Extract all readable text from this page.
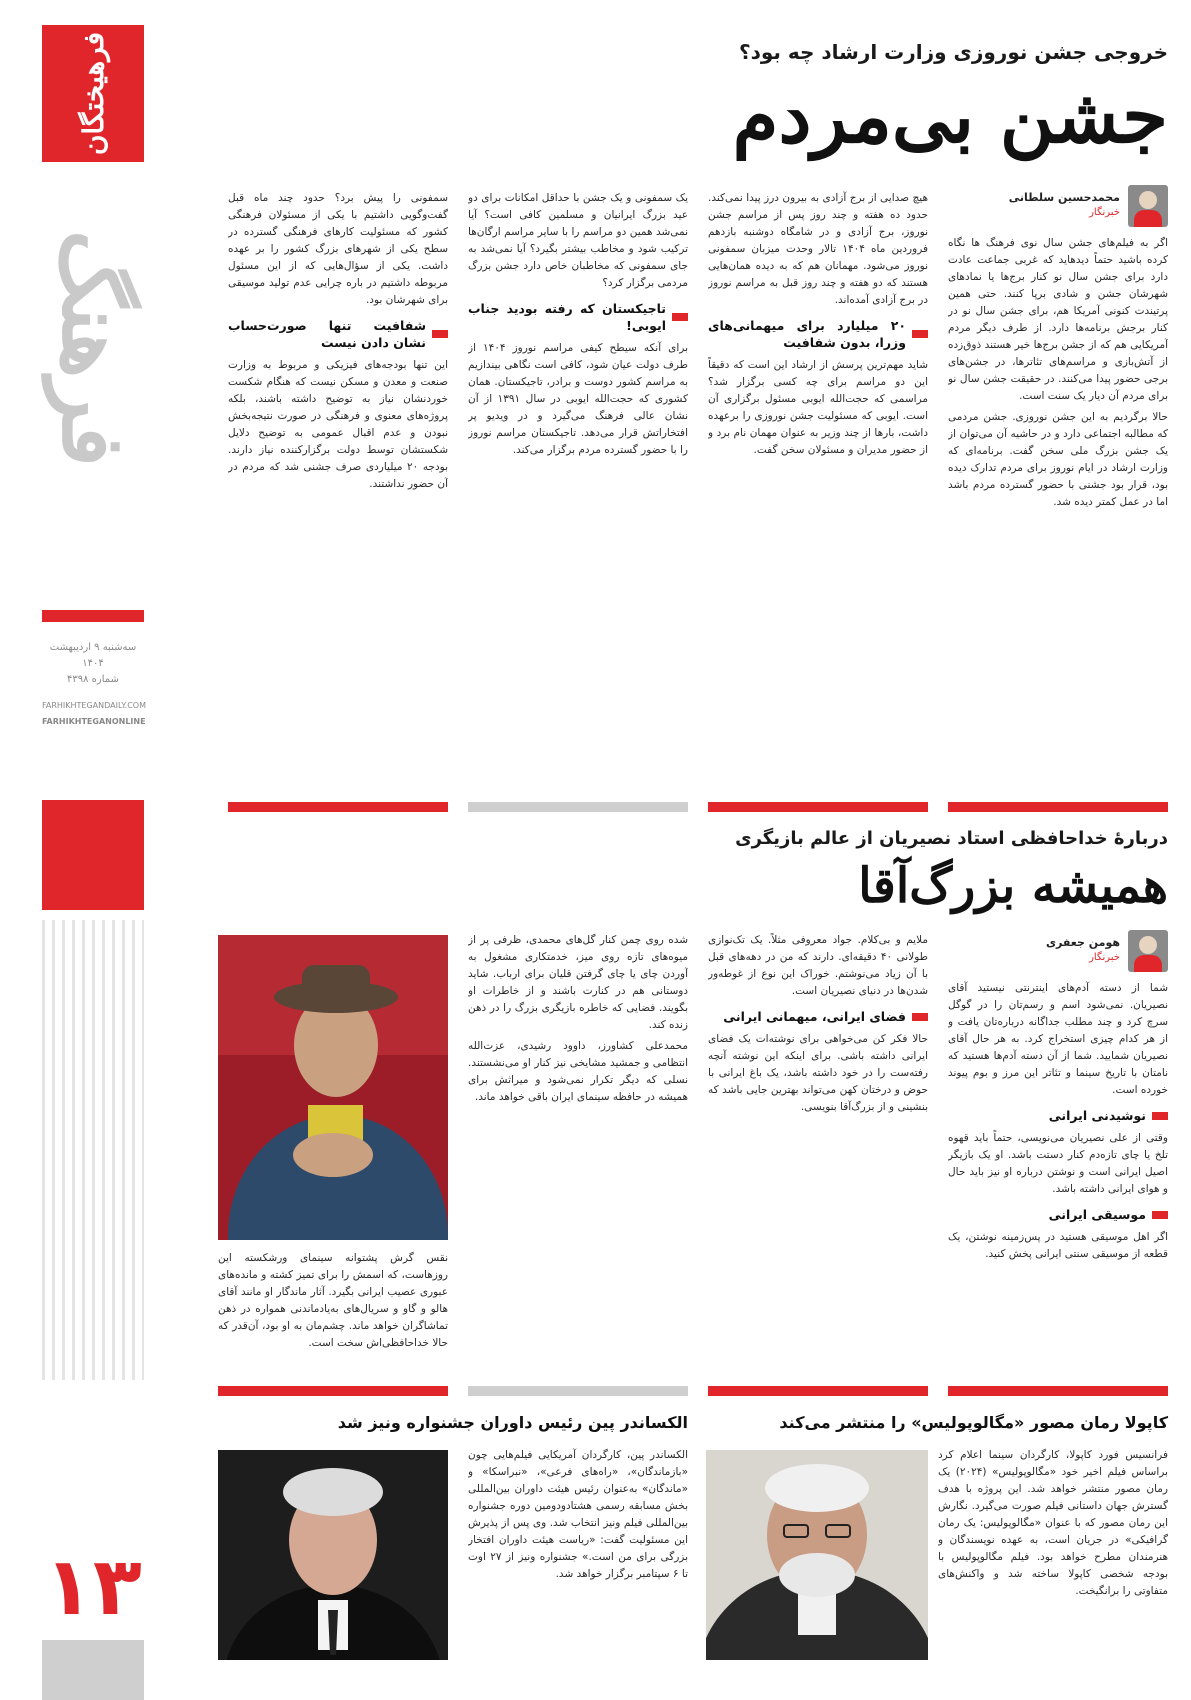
فرهیختگان
فرهنگ
سه‌شنبه ۹ اردیبهشت ۱۴۰۴
شماره ۴۳۹۸
FARHIKHTEGANDAILY.COM
FARHIKHTEGANONLINE
۱۳
خروجی جشن نوروزی وزارت ارشاد چه بود؟
جشن بی‌مردم
محمدحسین سلطانی
خبرنگار

اگر به فیلم‌های جشن سال نوی فرهنگ ها نگاه کرده باشید حتماً دیدهاید که غربی جماعت عادت دارد برای جشن سال نو کنار برج‌ها یا نمادهای شهرشان جشن و شادی برپا کنند. حتی همین پرتیندت کنونی آمریکا هم، برای جشن سال نو در کنار برجش برنامه‌ها دارد. از طرف دیگر مردم آمریکایی هم که از جشن برج‌ها خیر هستند ذوق‌زده از آتش‌بازی و مراسم‌های تئاترها، در جشن‌های برجی حضور پیدا می‌کنند. در حقیقت جشن سال نو برای مردم آن دیار یک سنت است.

حالا برگردیم به این جشن نوروزی. جشن مردمی که مطالبه اجتماعی دارد و در حاشیه آن می‌توان از یک جشن بزرگ ملی سخن گفت. برنامه‌ای که وزارت ارشاد در ایام نوروز برای مردم تدارک دیده بود، قرار بود جشنی با حضور گسترده مردم باشد اما در عمل کمتر دیده شد.

هیچ صدایی از برج آزادی به بیرون درز پیدا نمی‌کند. حدود ده هفته و چند روز پس از مراسم جشن نوروز، برج آزادی و در شامگاه دوشنبه بازدهم فروردین ماه ۱۴۰۴ تالار وحدت میزبان سمفونی نوروز می‌شود. مهمانان هم که به دیده همان‌هایی هستند که دو هفته و چند روز قبل به مراسم نوروز در برج آزادی آمده‌اند.

۲۰ میلیارد برای میهمانی‌های وزرا، بدون شفافیت

شاید مهم‌ترین پرسش از ارشاد این است که دقیقاً این دو مراسم برای چه کسی برگزار شد؟ مراسمی که حجت‌الله ایوبی مسئول برگزاری آن است. ایوبی که مسئولیت جشن نوروزی را برعهده داشت، بارها از چند وزیر به عنوان مهمان نام برد و از حضور مدیران و مسئولان سخن گفت.

یک سمفونی و یک جشن با حداقل امکانات برای دو عید بزرگ ایرانیان و مسلمین کافی است؟ آیا نمی‌شد همین دو مراسم را با سایر مراسم ارگان‌ها ترکیب شود و مخاطب بیشتر بگیرد؟ آیا نمی‌شد به جای سمفونی که مخاطبان خاص دارد جشن بزرگ مردمی برگزار کرد؟

تاجیکستان که رفته بودید جناب ایوبی!

برای آنکه سیطح کیفی مراسم نوروز ۱۴۰۴ از طرف دولت عیان شود، کافی است نگاهی بیندازیم به مراسم کشور دوست و برادر، تاجیکستان. همان کشوری که حجت‌الله ایوبی در سال ۱۳۹۱ از آن نشان عالی فرهنگ می‌گیرد و در ویدیو پر افتخاراتش قرار می‌دهد. تاجیکستان مراسم نوروز را با حضور گسترده مردم برگزار می‌کند.

سمفونی را پیش برد؟ حدود چند ماه قبل گفت‌وگویی داشتیم با یکی از مسئولان فرهنگی کشور که مسئولیت کارهای فرهنگی گسترده در سطح یکی از شهرهای بزرگ کشور را بر عهده داشت. یکی از سؤال‌هایی که از این مسئول مربوطه داشتیم در باره چرایی عدم تولید موسیقی برای شهرشان بود.

شفافیت تنها صورت‌حساب نشان دادن نیست

این تنها بودجه‌های فیزیکی و مربوط به وزارت صنعت و معدن و مسکن نیست که هنگام شکست خوردنشان نیاز به توضیح داشته باشند، بلکه پروژه‌های معنوی و فرهنگی در صورت نتیجه‌بخش نبودن و عدم اقبال عمومی به توضیح دلایل شکستشان توسط دولت برگزارکننده نیاز دارند. بودجه ۲۰ میلیاردی صرف جشنی شد که مردم در آن حضور نداشتند.

دربارهٔ خداحافظی استاد نصیریان از عالم بازیگری
همیشه بزرگ‌آقا
هومن جعفری
خبرنگار

شما از دسته آدم‌های اینترنتی نیستید آقای نصیریان. نمی‌شود اسم و رسم‌تان را در گوگل سرچ کرد و چند مطلب جداگانه درباره‌تان یافت و از هر کدام چیزی استخراج کرد. به هر حال آقای نصیریان شمایید. شما از آن دسته آدم‌ها هستید که نامتان با تاریخ سینما و تئاتر این مرز و بوم پیوند خورده است.

نوشیدنی ایرانی

وقتی از علی نصیریان می‌نویسی، حتماً باید قهوه تلخ یا چای تازه‌دم کنار دستت باشد. او یک بازیگر اصیل ایرانی است و نوشتن درباره او نیز باید حال و هوای ایرانی داشته باشد.

موسیقی ایرانی

اگر اهل موسیقی هستید در پس‌زمینه نوشتن، یک قطعه از موسیقی سنتی ایرانی پخش کنید.

ملایم و بی‌کلام. جواد معروفی مثلاً. یک تک‌نوازی طولانی ۴۰ دقیقه‌ای. دارند که من در دهه‌های قبل با آن زیاد می‌نوشتم. خوراک این نوع از غوطه‌ور شدن‌ها در دنیای نصیریان است.

فضای ایرانی، میهمانی ایرانی

حالا فکر کن می‌خواهی برای نوشته‌ات یک فضای ایرانی داشته باشی. برای اینکه این نوشته آنچه رفته‌ست را در خود داشته باشد، یک باغ ایرانی با حوض و درختان کهن می‌تواند بهترین جایی باشد که بنشینی و از بزرگ‌آقا بنویسی.

شده روی چمن کنار گل‌های محمدی، ظرفی پر از میوه‌های تازه روی میز، خدمتکاری مشغول به آوردن چای یا چای گرفتن قلیان برای ارباب. شاید دوستانی هم در کنارت باشند و از خاطرات او بگویند. فضایی که خاطره بازیگری بزرگ را در ذهن زنده کند.

محمدعلی کشاورز، داوود رشیدی، عزت‌الله انتظامی و جمشید مشایخی نیز کنار او می‌نشستند. نسلی که دیگر تکرار نمی‌شود و میراثش برای همیشه در حافظه سینمای ایران باقی خواهد ماند.

نقس گرش پشتوانه سینمای ورشکسته این روزهاست، که اسمش را برای تمیز کشته و مانده‌های عبوری عصیب ایرانی بگیرد. آثار ماندگار او مانند آقای هالو و گاو و سریال‌های به‌یادماندنی همواره در ذهن تماشاگران خواهد ماند. چشم‌مان به او بود، آن‌قدر که حالا خداحافظی‌اش سخت است.

کاپولا رمان مصور «مگالوپولیس» را منتشر می‌کند

فرانسیس فورد کاپولا، کارگردان سینما اعلام کرد براساس فیلم اخیر خود «مگالوپولیس» (۲۰۲۴) یک رمان مصور منتشر خواهد شد. این پروژه با هدف گسترش جهان داستانی فیلم صورت می‌گیرد. نگارش این رمان مصور که با عنوان «مگالوپولیس: یک رمان گرافیکی» در جریان است، به عهده نویسندگان و هنرمندان مطرح خواهد بود. فیلم مگالوپولیس با بودجه شخصی کاپولا ساخته شد و واکنش‌های متفاوتی را برانگیخت.

الکساندر پین رئیس داوران جشنواره ونیز شد

الکساندر پین، کارگردان آمریکایی فیلم‌هایی چون «بازماندگان»، «راه‌های فرعی»، «نبراسکا» و «ماندگان» به‌عنوان رئیس هیئت داوران بین‌المللی بخش مسابقه رسمی هشتادودومین دوره جشنواره بین‌المللی فیلم ونیز انتخاب شد. وی پس از پذیرش این مسئولیت گفت: «ریاست هیئت داوران افتخار بزرگی برای من است.» جشنواره ونیز از ۲۷ اوت تا ۶ سپتامبر برگزار خواهد شد.
